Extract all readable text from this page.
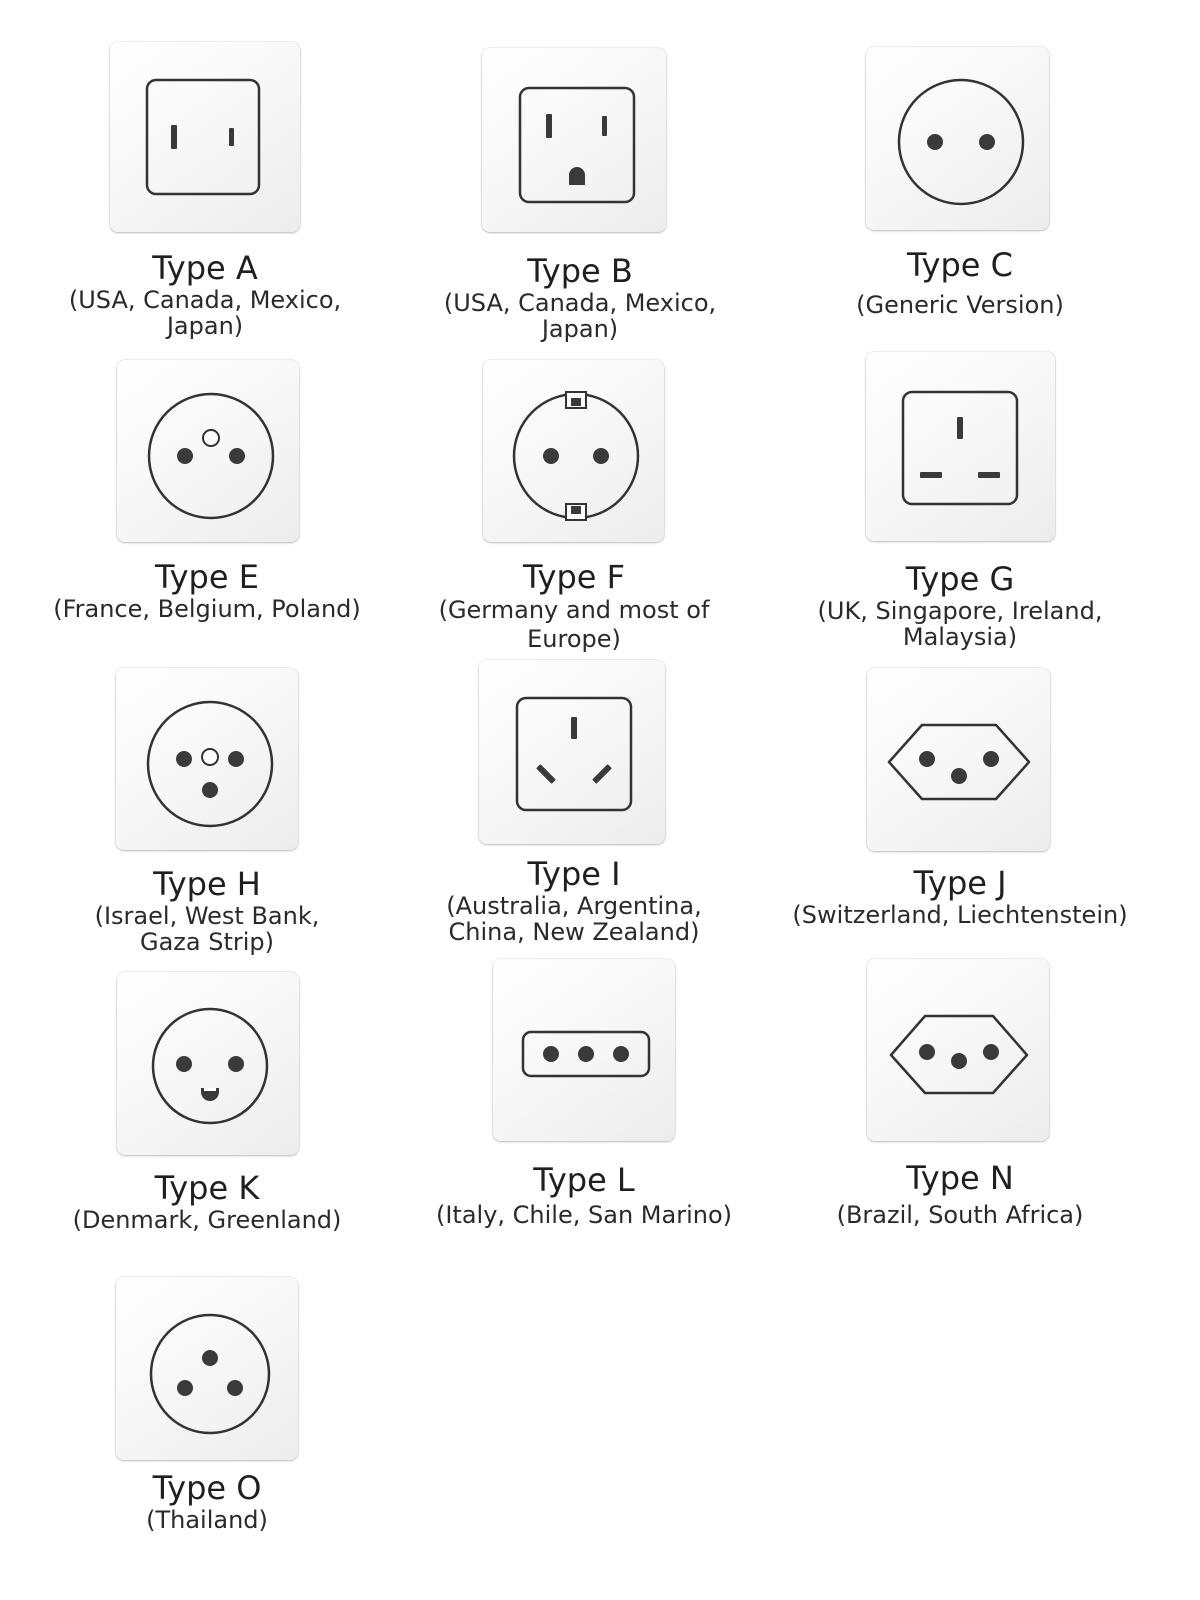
Type A
(USA, Canada, Mexico, Japan)
Type B
(USA, Canada, Mexico, Japan)
Type C
(Generic Version)
Type E
(France, Belgium, Poland)
Type F
(Germany and most of Europe)
Type G
(UK, Singapore, Ireland, Malaysia)
Type H
(Israel, West Bank, Gaza Strip)
Type I
(Australia, Argentina, China, New Zealand)
Type J
(Switzerland, Liechtenstein)
Type K
(Denmark, Greenland)
Type L
(Italy, Chile, San Marino)
Type N
(Brazil, South Africa)
Type O
(Thailand)
